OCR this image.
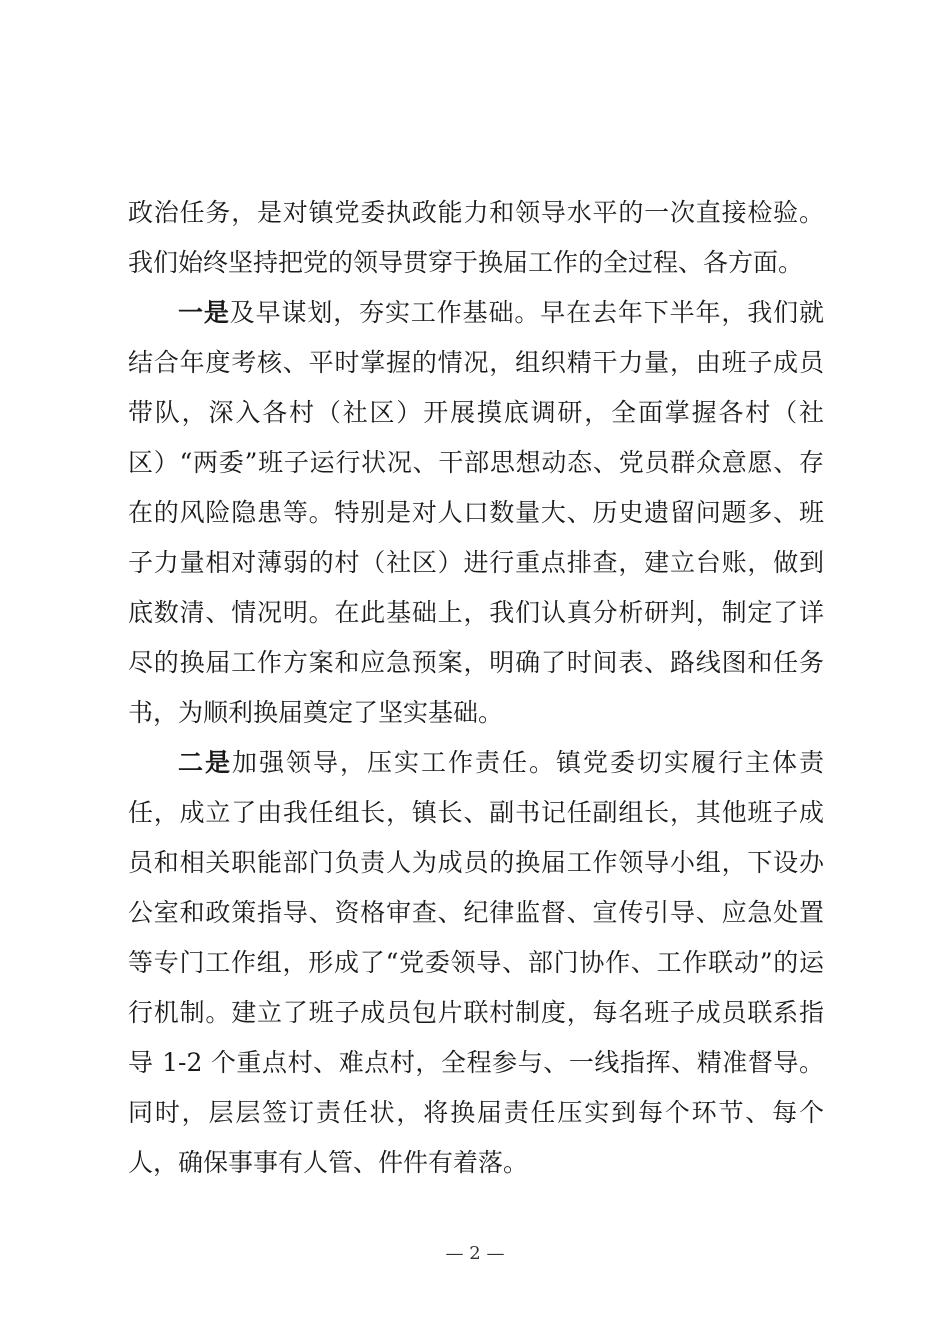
政治任务，是对镇党委执政能力和领导水平的一次直接检验。我们始终坚持把党的领导贯穿于换届工作的全过程、各方面。

一是及早谋划，夯实工作基础。早在去年下半年，我们就结合年度考核、平时掌握的情况，组织精干力量，由班子成员带队，深入各村（社区）开展摸底调研，全面掌握各村（社区）“两委”班子运行状况、干部思想动态、党员群众意愿、存在的风险隐患等。特别是对人口数量大、历史遗留问题多、班子力量相对薄弱的村（社区）进行重点排查，建立台账，做到底数清、情况明。在此基础上，我们认真分析研判，制定了详尽的换届工作方案和应急预案，明确了时间表、路线图和任务书，为顺利换届奠定了坚实基础。

二是加强领导，压实工作责任。镇党委切实履行主体责任，成立了由我任组长，镇长、副书记任副组长，其他班子成员和相关职能部门负责人为成员的换届工作领导小组，下设办公室和政策指导、资格审查、纪律监督、宣传引导、应急处置等专门工作组，形成了“党委领导、部门协作、工作联动”的运行机制。建立了班子成员包片联村制度，每名班子成员联系指导 1-2 个重点村、难点村，全程参与、一线指挥、精准督导。同时，层层签订责任状，将换届责任压实到每个环节、每个人，确保事事有人管、件件有着落。

— 2 —
